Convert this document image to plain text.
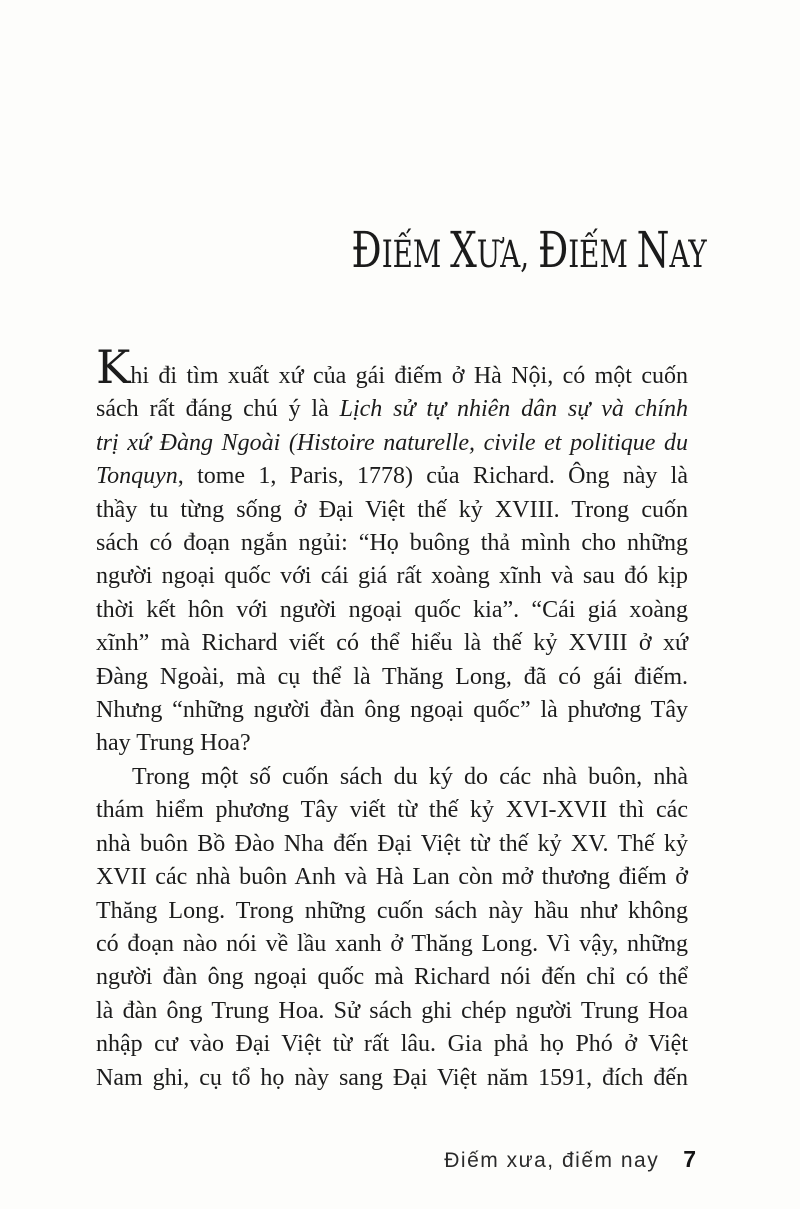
ĐIẾM XƯA, ĐIẾM NAY
Khi đi tìm xuất xứ của gái điếm ở Hà Nội, có một cuốn
sách rất đáng chú ý là Lịch sử tự nhiên dân sự và chính
trị xứ Đàng Ngoài (Histoire naturelle, civile et politique du
Tonquyn, tome 1, Paris, 1778) của Richard. Ông này là
thầy tu từng sống ở Đại Việt thế kỷ XVIII. Trong cuốn
sách có đoạn ngắn ngủi: “Họ buông thả mình cho những
người ngoại quốc với cái giá rất xoàng xĩnh và sau đó kịp
thời kết hôn với người ngoại quốc kia”. “Cái giá xoàng
xĩnh” mà Richard viết có thể hiểu là thế kỷ XVIII ở xứ
Đàng Ngoài, mà cụ thể là Thăng Long, đã có gái điếm.
Nhưng “những người đàn ông ngoại quốc” là phương Tây
hay Trung Hoa?
Trong một số cuốn sách du ký do các nhà buôn, nhà
thám hiểm phương Tây viết từ thế kỷ XVI-XVII thì các
nhà buôn Bồ Đào Nha đến Đại Việt từ thế kỷ XV. Thế kỷ
XVII các nhà buôn Anh và Hà Lan còn mở thương điếm ở
Thăng Long. Trong những cuốn sách này hầu như không
có đoạn nào nói về lầu xanh ở Thăng Long. Vì vậy, những
người đàn ông ngoại quốc mà Richard nói đến chỉ có thể
là đàn ông Trung Hoa. Sử sách ghi chép người Trung Hoa
nhập cư vào Đại Việt từ rất lâu. Gia phả họ Phó ở Việt
Nam ghi, cụ tổ họ này sang Đại Việt năm 1591, đích đến
Điếm xưa, điếm nay 7
